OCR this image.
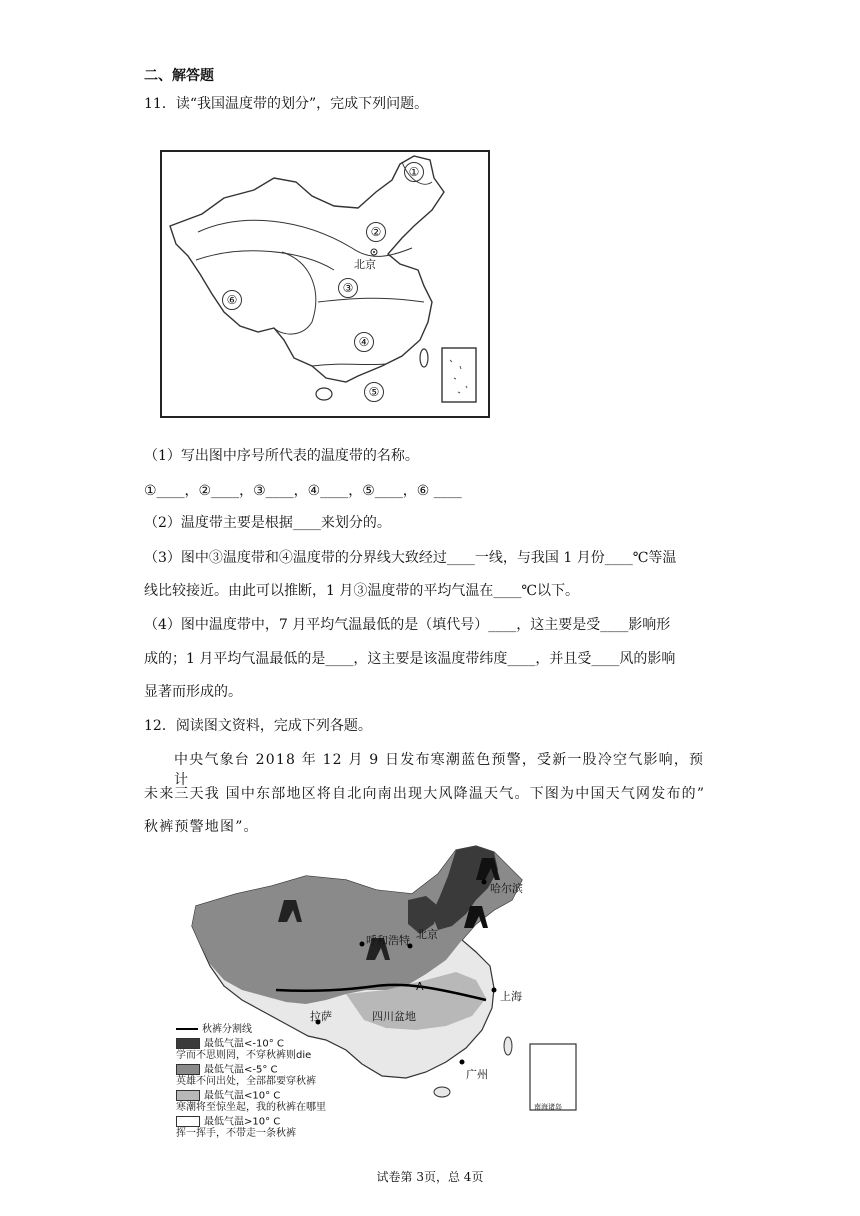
二、解答题
11．读“我国温度带的划分”，完成下列问题。
北京
①
②
③
④
⑤
⑥
（1）写出图中序号所代表的温度带的名称。
①____，②____，③____，④____，⑤____，⑥ ____
（2）温度带主要是根据____来划分的。
（3）图中③温度带和④温度带的分界线大致经过____一线，与我国 1 月份____℃等温
线比较接近。由此可以推断，1 月③温度带的平均气温在____℃以下。
（4）图中温度带中，7 月平均气温最低的是（填代号）____，这主要是受____影响形
成的；1 月平均气温最低的是____，这主要是该温度带纬度____，并且受____风的影响
显著而形成的。
12．阅读图文资料，完成下列各题。
中央气象台 2018 年 12 月 9 日发布寒潮蓝色预警，受新一股冷空气影响，预计
未来三天我 国中东部地区将自北向南出现大风降温天气。下图为中国天气网发布的”
秋裤预警地图”。
哈尔滨
呼和浩特 北京
A
上海
拉萨	四川盆地
广州
南海诸岛
秋裤分割线
最低气温<-10° C
学而不思则罔，不穿秋裤则die
最低气温<-5° C
英雄不问出处，全部都要穿秋裤
最低气温<10° C
寒潮将至惊坐起，我的秋裤在哪里
最低气温>10° C
挥一挥手，不带走一条秋裤
试卷第 3页，总 4页
